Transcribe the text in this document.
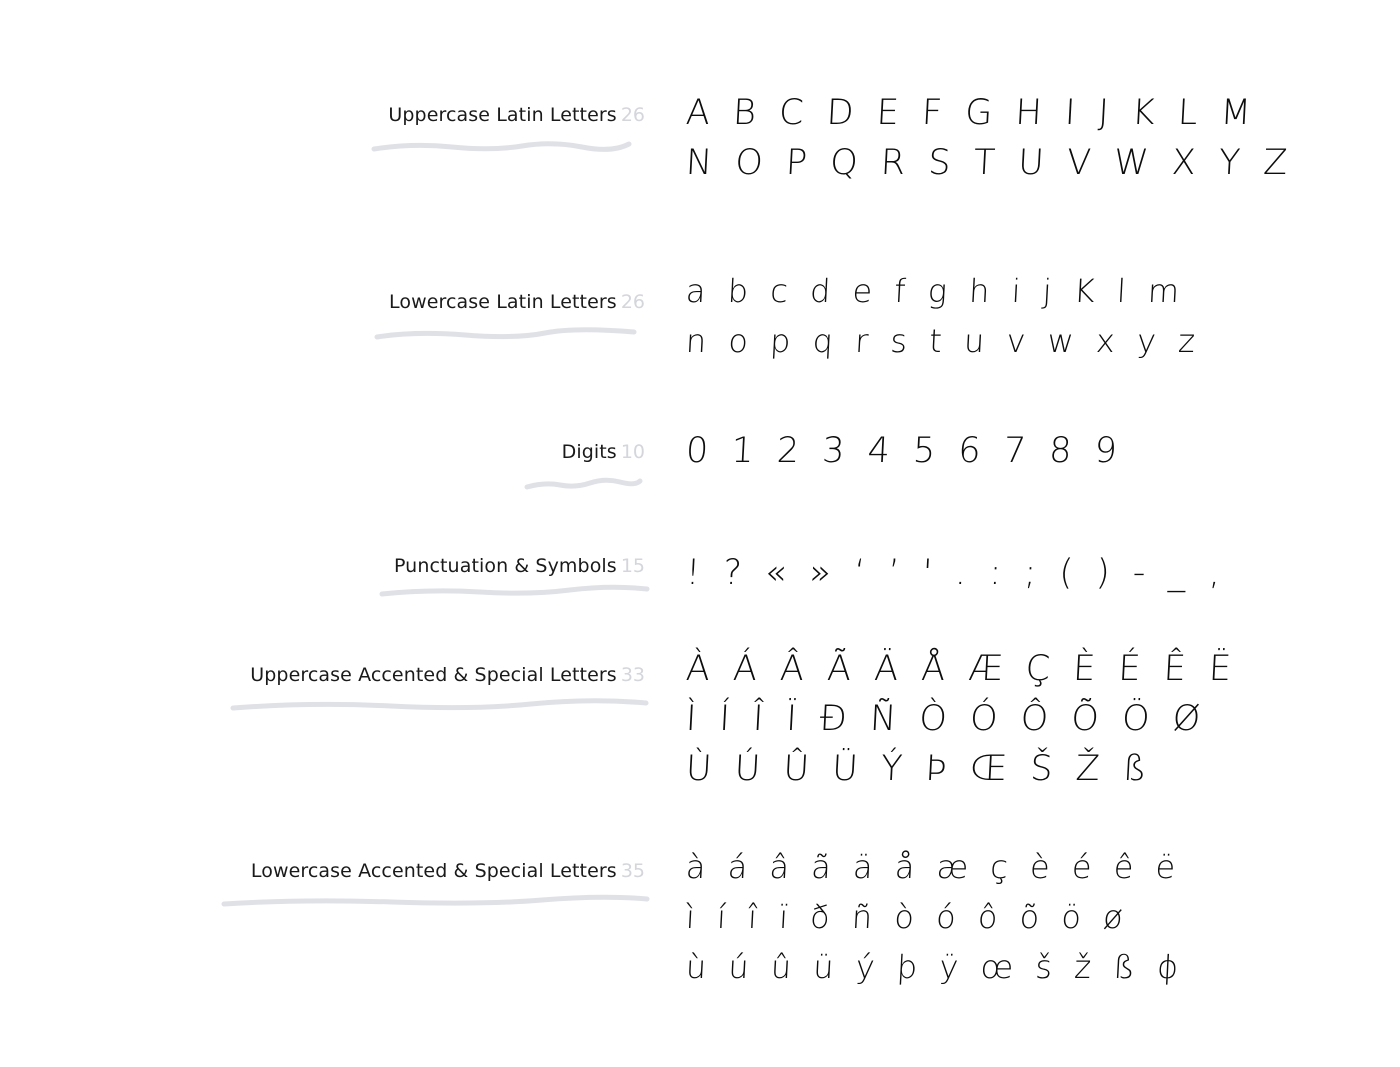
Uppercase Latin Letters 26 A B C D E F G H I J K L M
N O P Q R S T U V W X Y Z
Lowercase Latin Letters 26 a b c d e f g h i j K l m
n o p q r s t u v w x y z
Digits 10 0 1 2 3 4 5 6 7 8 9
Punctuation & Symbols 15 ! ? « » ‘ ’ ' . : ; ( ) - _ ,
Uppercase Accented & Special Letters 33 À Á Â Ã Ä Å Æ Ç È É Ê Ë
Ì Í Î Ï Ð Ñ Ò Ó Ô Õ Ö Ø
Ù Ú Û Ü Ý Þ Œ Š Ž ß
Lowercase Accented & Special Letters 35 à á â ã ä å æ ç è é ê ë
ì í î ï ð ñ ò ó ô õ ö ø
ù ú û ü ý þ ÿ œ š ž ß ϕ
